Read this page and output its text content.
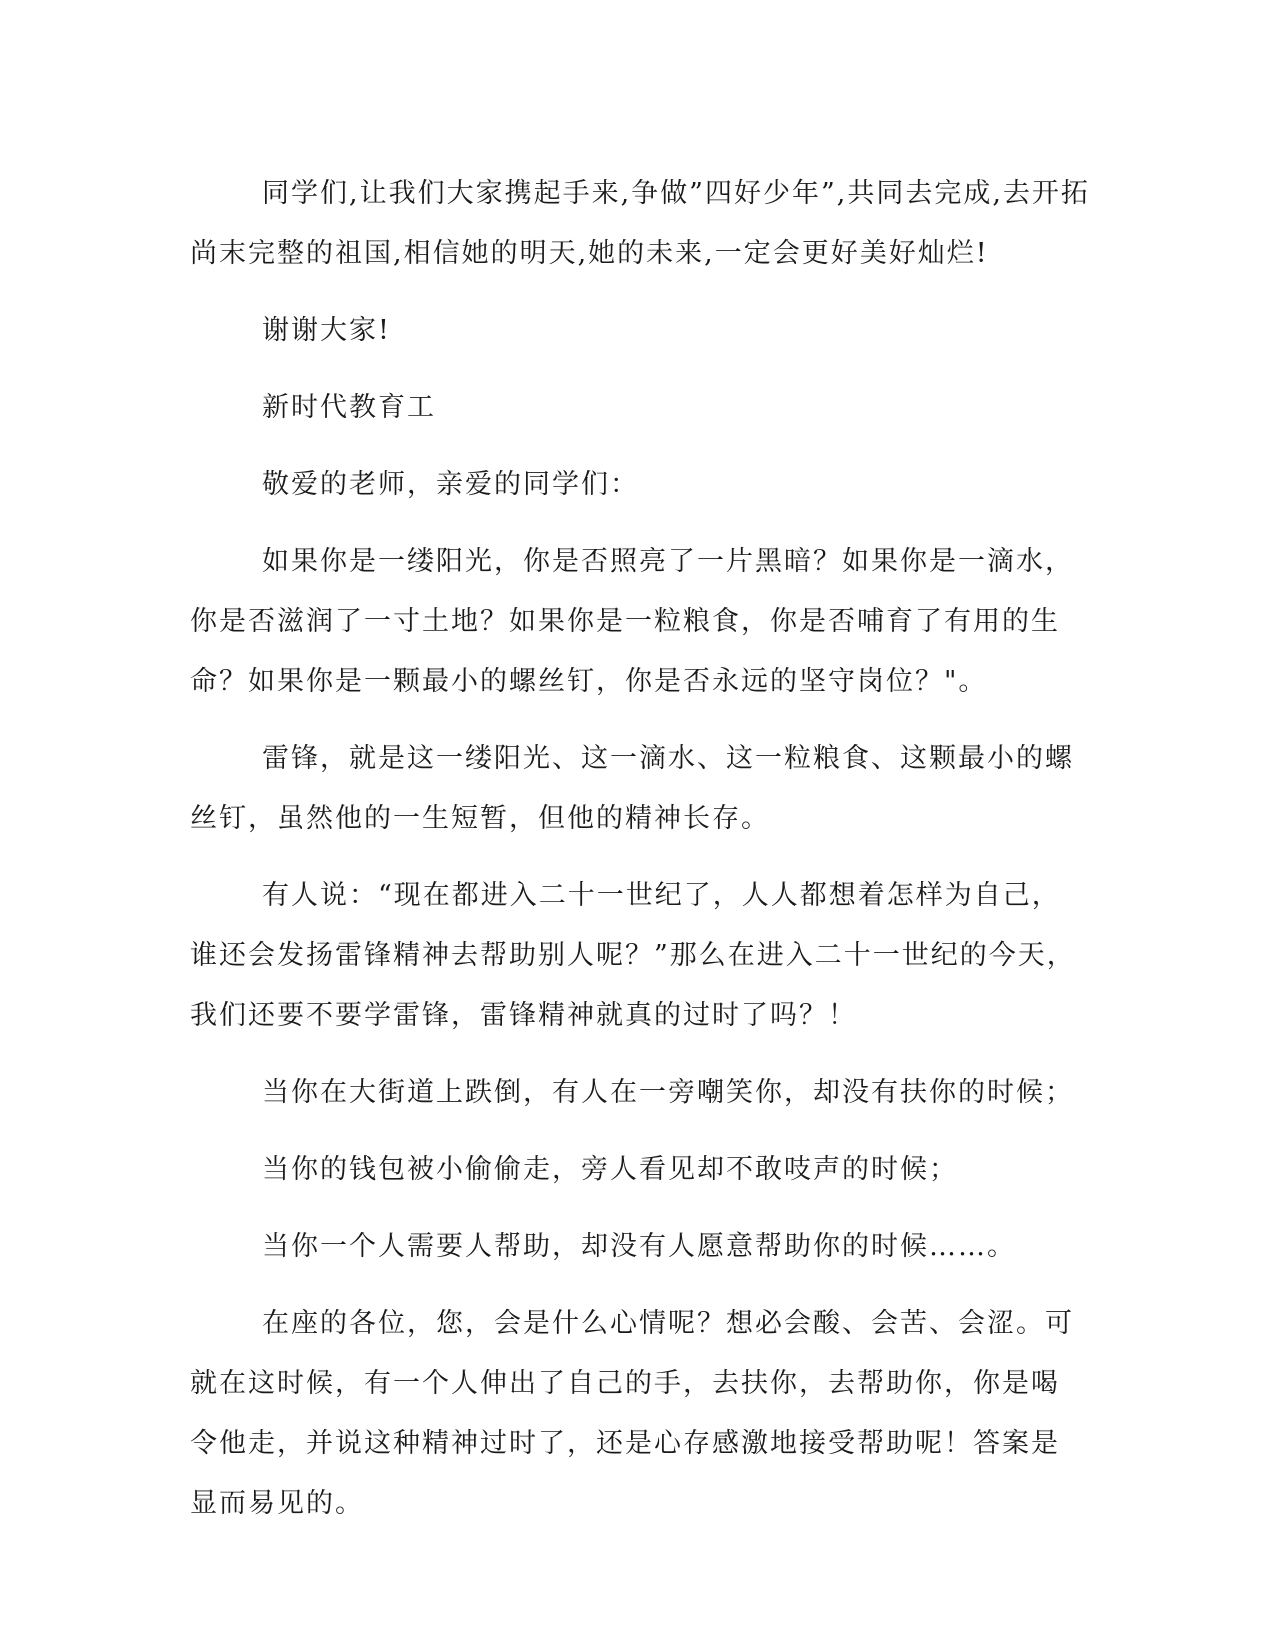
同学们,让我们大家携起手来,争做”四好少年”,共同去完成,去开拓
尚末完整的祖国,相信她的明天,她的未来,一定会更好美好灿烂!

谢谢大家!

新时代教育工

敬爱的老师，亲爱的同学们：

如果你是一缕阳光，你是否照亮了一片黑暗？如果你是一滴水，
你是否滋润了一寸土地？如果你是一粒粮食，你是否哺育了有用的生
命？如果你是一颗最小的螺丝钉，你是否永远的坚守岗位？"。

雷锋，就是这一缕阳光、这一滴水、这一粒粮食、这颗最小的螺
丝钉，虽然他的一生短暂，但他的精神长存。

有人说：“现在都进入二十一世纪了，人人都想着怎样为自己，
谁还会发扬雷锋精神去帮助别人呢？”那么在进入二十一世纪的今天，
我们还要不要学雷锋，雷锋精神就真的过时了吗？！

当你在大街道上跌倒，有人在一旁嘲笑你，却没有扶你的时候；

当你的钱包被小偷偷走，旁人看见却不敢吱声的时候；

当你一个人需要人帮助，却没有人愿意帮助你的时候……。

在座的各位，您，会是什么心情呢？想必会酸、会苦、会涩。可
就在这时候，有一个人伸出了自己的手，去扶你，去帮助你，你是喝
令他走，并说这种精神过时了，还是心存感激地接受帮助呢！答案是
显而易见的。
